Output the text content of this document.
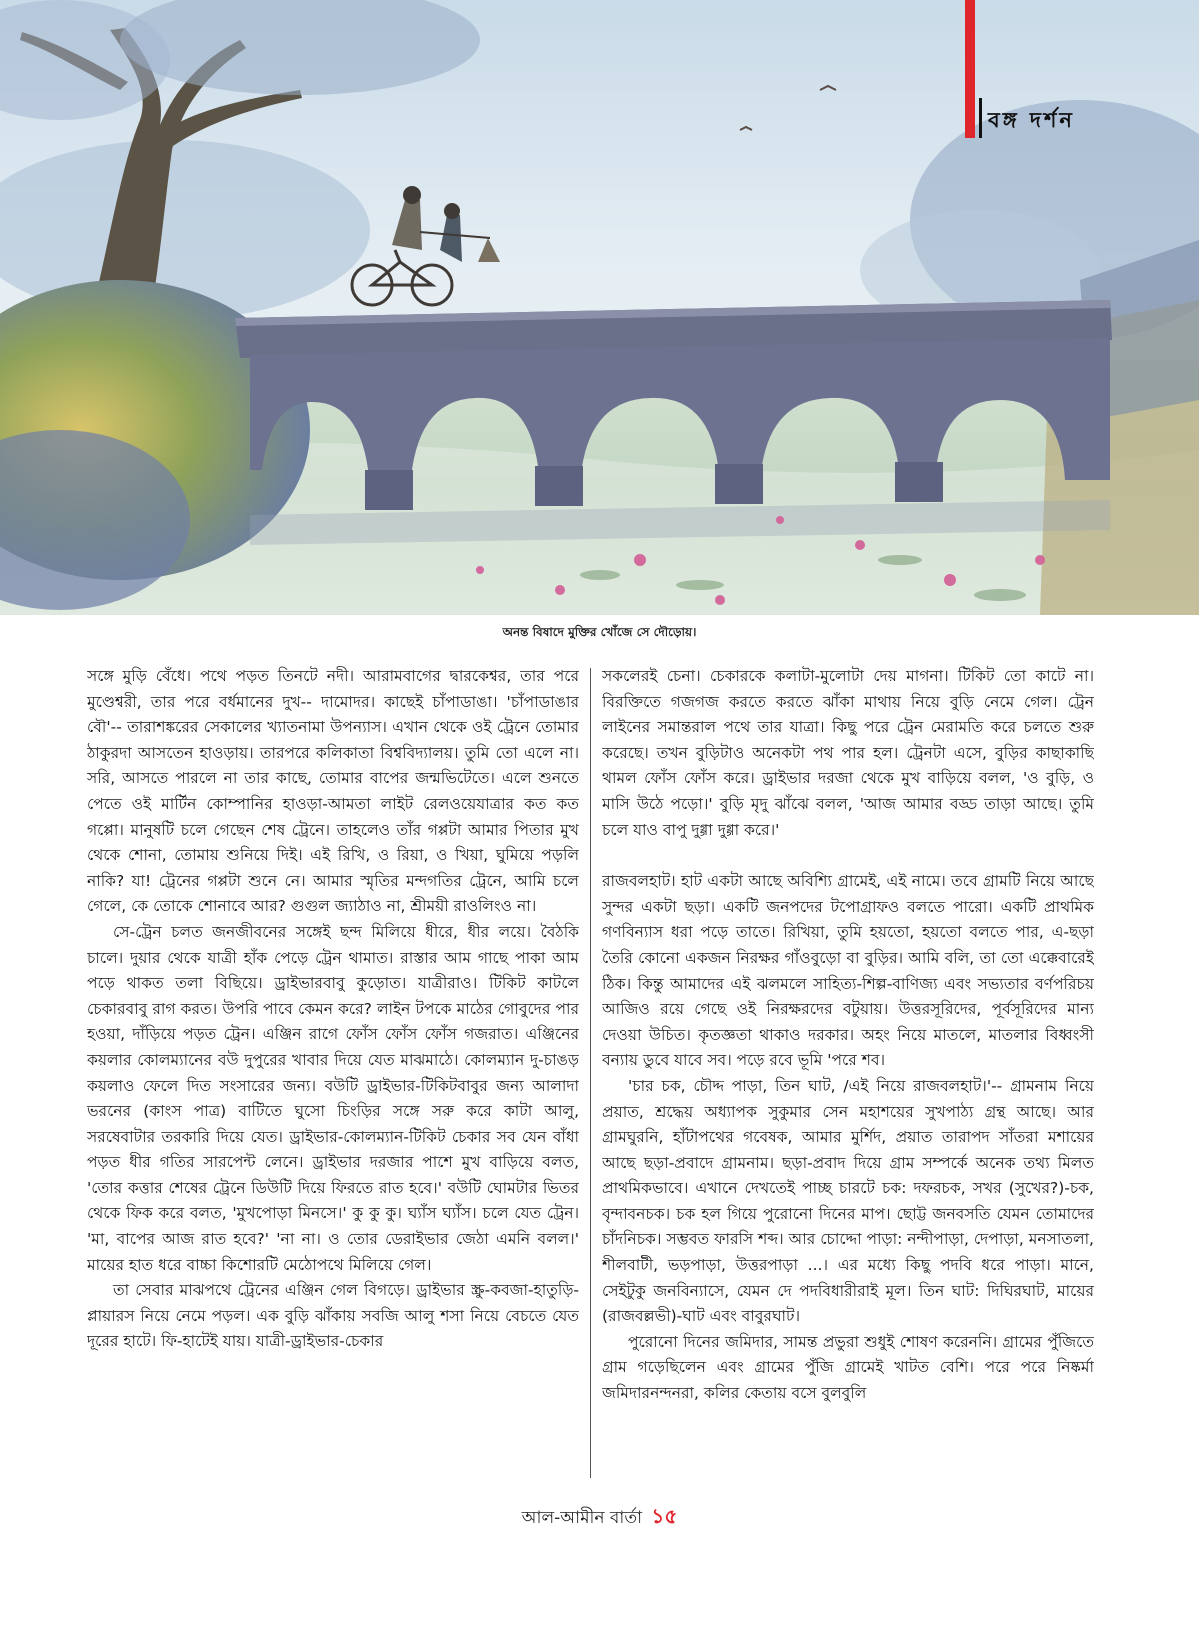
বঙ্গ দর্শন
অনন্ত বিষাদে মুক্তির খোঁজে সে দৌড়োয়।

সঙ্গে মুড়ি বেঁধে। পথে পড়ত তিনটে নদী। আরামবাগের দ্বারকেশ্বর, তার পরে মুণ্ডেশ্বরী, তার পরে বর্ধমানের দুখ-- দামোদর। কাছেই চাঁপাডাঙা। 'চাঁপাডাঙার বৌ'-- তারাশঙ্করের সেকালের খ্যাতনামা উপন্যাস। এখান থেকে ওই ট্রেনে তোমার ঠাকুরদা আসতেন হাওড়ায়। তারপরে কলিকাতা বিশ্ববিদ্যালয়। তুমি তো এলে না। সরি, আসতে পারলে না তার কাছে, তোমার বাপের জন্মভিটেতে। এলে শুনতে পেতে ওই মার্টিন কোম্পানির হাওড়া-আমতা লাইট রেলওয়েযাত্রার কত কত গপ্পো। মানুষটি চলে গেছেন শেষ ট্রেনে। তাহলেও তাঁর গপ্পটা আমার পিতার মুখ থেকে শোনা, তোমায় শুনিয়ে দিই। এই রিখি, ও রিয়া, ও খিয়া, ঘুমিয়ে পড়লি নাকি? যা! ট্রেনের গপ্পটা শুনে নে। আমার স্মৃতির মন্দগতির ট্রেনে, আমি চলে গেলে, কে তোকে শোনাবে আর? গুগুল জ্যাঠাও না, শ্রীময়ী রাওলিংও না।

সে-ট্রেন চলত জনজীবনের সঙ্গেই ছন্দ মিলিয়ে ধীরে, ধীর লয়ে। বৈঠকি চালে। দুয়ার থেকে যাত্রী হাঁক পেড়ে ট্রেন থামাত। রাস্তার আম গাছে পাকা আম পড়ে থাকত তলা বিছিয়ে। ড্রাইভারবাবু কুড়োত। যাত্রীরাও। টিকিট কাটলে চেকারবাবু রাগ করত। উপরি পাবে কেমন করে? লাইন টপকে মাঠের গোবুদের পার হওয়া, দাঁড়িয়ে পড়ত ট্রেন। এঞ্জিন রাগে ফোঁস ফোঁস ফোঁস গজরাত। এঞ্জিনের কয়লার কোলম্যানের বউ দুপুরের খাবার দিয়ে যেত মাঝমাঠে। কোলম্যান দু-চাঙড় কয়লাও ফেলে দিত সংসারের জন্য। বউটি ড্রাইভার-টিকিটবাবুর জন্য আলাদা ভরনের (কাংস পাত্র) বাটিতে ঘুসো চিংড়ির সঙ্গে সরু করে কাটা আলু, সরষেবাটার তরকারি দিয়ে যেত। ড্রাইভার-কোলম্যান-টিকিট চেকার সব যেন বাঁধা পড়ত ধীর গতির সারপেন্ট লেনে। ড্রাইভার দরজার পাশে মুখ বাড়িয়ে বলত, 'তোর কত্তার শেষের ট্রেনে ডিউটি দিয়ে ফিরতে রাত হবে।' বউটি ঘোমটার ভিতর থেকে ফিক করে বলত, 'মুখপোড়া মিনসে।' কু কু কু। ঘ্যাঁস ঘ্যাঁস। চলে যেত ট্রেন। 'মা, বাপের আজ রাত হবে?' 'না না। ও তোর ডেরাইভার জেঠা এমনি বলল।' মায়ের হাত ধরে বাচ্চা কিশোরটি মেঠোপথে মিলিয়ে গেল।

তা সেবার মাঝপথে ট্রেনের এঞ্জিন গেল বিগড়ে। ড্রাইভার স্ক্রু-কবজা-হাতুড়ি-প্লায়ারস নিয়ে নেমে পড়ল। এক বুড়ি ঝাঁকায় সবজি আলু শসা নিয়ে বেচতে যেত দূরের হাটে। ফি-হাটেই যায়। যাত্রী-ড্রাইভার-চেকার

সকলেরই চেনা। চেকারকে কলাটা-মুলোটা দেয় মাগনা। টিকিট তো কাটে না। বিরক্তিতে গজগজ করতে করতে ঝাঁকা মাথায় নিয়ে বুড়ি নেমে গেল। ট্রেন লাইনের সমান্তরাল পথে তার যাত্রা। কিছু পরে ট্রেন মেরামতি করে চলতে শুরু করেছে। তখন বুড়িটাও অনেকটা পথ পার হল। ট্রেনটা এসে, বুড়ির কাছাকাছি থামল ফোঁস ফোঁস করে। ড্রাইভার দরজা থেকে মুখ বাড়িয়ে বলল, 'ও বুড়ি, ও মাসি উঠে পড়ো।' বুড়ি মৃদু ঝাঁঝে বলল, 'আজ আমার বড্ড তাড়া আছে। তুমি চলে যাও বাপু দুগ্গা দুগ্গা করে।'

রাজবলহাট। হাট একটা আছে অবিশ্যি গ্রামেই, এই নামে। তবে গ্রামটি নিয়ে আছে সুন্দর একটা ছড়া। একটি জনপদের টপোগ্রাফও বলতে পারো। একটি প্রাথমিক গণবিন্যাস ধরা পড়ে তাতে। রিখিয়া, তুমি হয়তো, হয়তো বলতে পার, এ-ছড়া তৈরি কোনো একজন নিরক্ষর গাঁওবুড়ো বা বুড়ির। আমি বলি, তা তো এক্কেবারেই ঠিক। কিন্তু আমাদের এই ঝলমলে সাহিত্য-শিল্প-বাণিজ্য এবং সভ্যতার বর্ণপরিচয় আজিও রয়ে গেছে ওই নিরক্ষরদের বটুয়ায়। উত্তরসূরিদের, পূর্বসূরিদের মান্য দেওয়া উচিত। কৃতজ্ঞতা থাকাও দরকার। অহং নিয়ে মাতলে, মাতলার বিধ্বংসী বন্যায় ডুবে যাবে সব। পড়ে রবে ভূমি 'পরে শব।

'চার চক, চৌদ্দ পাড়া, তিন ঘাট, /এই নিয়ে রাজবলহাট।'-- গ্রামনাম নিয়ে প্রয়াত, শ্রদ্ধেয় অধ্যাপক সুকুমার সেন মহাশয়ের সুখপাঠ্য গ্রন্থ আছে। আর গ্রামঘুরনি, হাঁটাপথের গবেষক, আমার মুর্শিদ, প্রয়াত তারাপদ সাঁতরা মশায়ের আছে ছড়া-প্রবাদে গ্রামনাম। ছড়া-প্রবাদ দিয়ে গ্রাম সম্পর্কে অনেক তথ্য মিলত প্রাথমিকভাবে। এখানে দেখতেই পাচ্ছ চারটে চক: দফরচক, সখর (সুখের?)-চক, বৃন্দাবনচক। চক হল গিয়ে পুরোনো দিনের মাপ। ছোট্ট জনবসতি যেমন তোমাদের চাঁদনিচক। সম্ভবত ফারসি শব্দ। আর চোদ্দো পাড়া: নন্দীপাড়া, দেপাড়া, মনসাতলা, শীলবাটী, ভড়পাড়া, উত্তরপাড়া ...। এর মধ্যে কিছু পদবি ধরে পাড়া। মানে, সেইটুকু জনবিন্যাসে, যেমন দে পদবিধারীরাই মূল। তিন ঘাট: দিঘিরঘাট, মায়ের (রাজবল্লভী)-ঘাট এবং বাবুরঘাট।

পুরোনো দিনের জমিদার, সামন্ত প্রভুরা শুধুই শোষণ করেননি। গ্রামের পুঁজিতে গ্রাম গড়েছিলেন এবং গ্রামের পুঁজি গ্রামেই খাটত বেশি। পরে পরে নিষ্কর্মা জমিদারনন্দনরা, কলির কেতায় বসে বুলবুলি

আল-আমীন বার্তা ১৫
